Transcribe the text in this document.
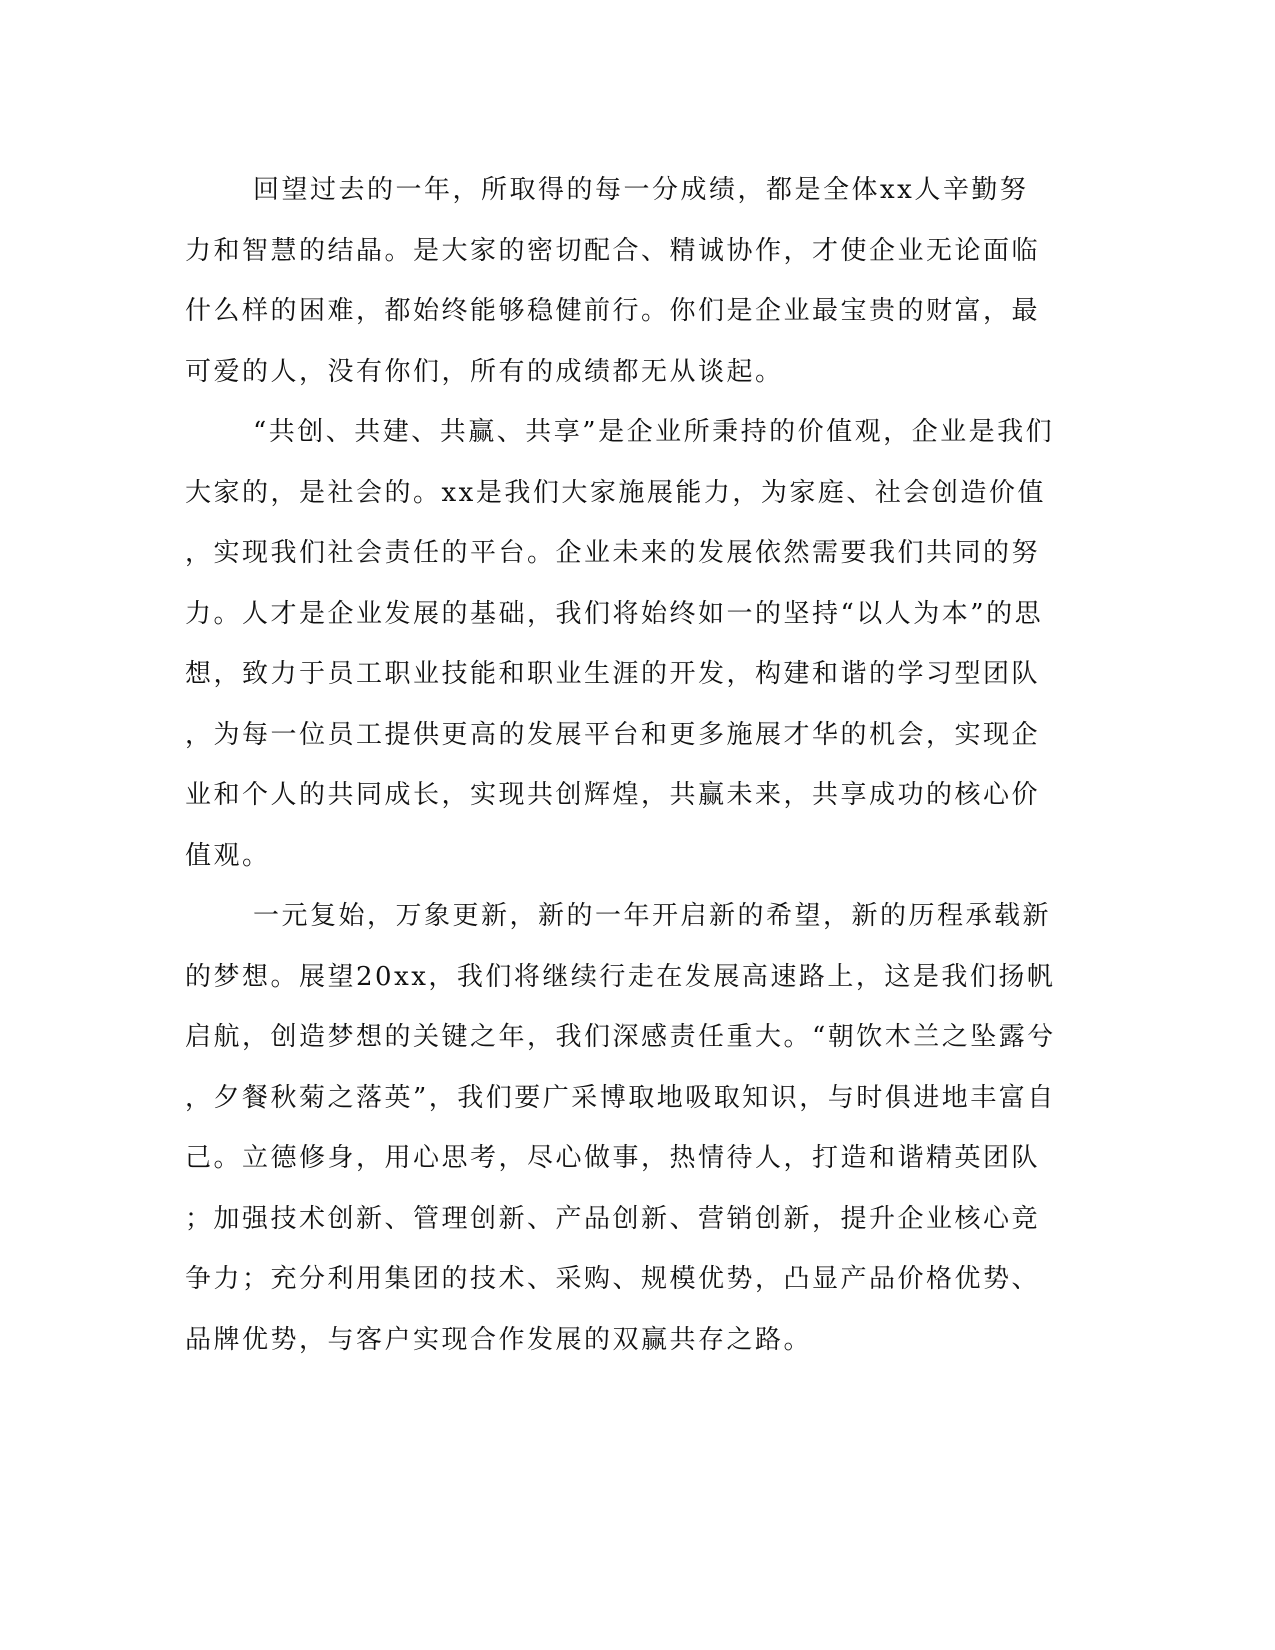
回望过去的一年，所取得的每一分成绩，都是全体xx人辛勤努
力和智慧的结晶。是大家的密切配合、精诚协作，才使企业无论面临
什么样的困难，都始终能够稳健前行。你们是企业最宝贵的财富，最
可爱的人，没有你们，所有的成绩都无从谈起。

“共创、共建、共赢、共享”是企业所秉持的价值观，企业是我们
大家的，是社会的。xx是我们大家施展能力，为家庭、社会创造价值
，实现我们社会责任的平台。企业未来的发展依然需要我们共同的努
力。人才是企业发展的基础，我们将始终如一的坚持“以人为本”的思
想，致力于员工职业技能和职业生涯的开发，构建和谐的学习型团队
，为每一位员工提供更高的发展平台和更多施展才华的机会，实现企
业和个人的共同成长，实现共创辉煌，共赢未来，共享成功的核心价
值观。

一元复始，万象更新，新的一年开启新的希望，新的历程承载新
的梦想。展望20xx，我们将继续行走在发展高速路上，这是我们扬帆
启航，创造梦想的关键之年，我们深感责任重大。“朝饮木兰之坠露兮
，夕餐秋菊之落英”，我们要广采博取地吸取知识，与时俱进地丰富自
己。立德修身，用心思考，尽心做事，热情待人，打造和谐精英团队
；加强技术创新、管理创新、产品创新、营销创新，提升企业核心竞
争力；充分利用集团的技术、采购、规模优势，凸显产品价格优势、
品牌优势，与客户实现合作发展的双赢共存之路。
